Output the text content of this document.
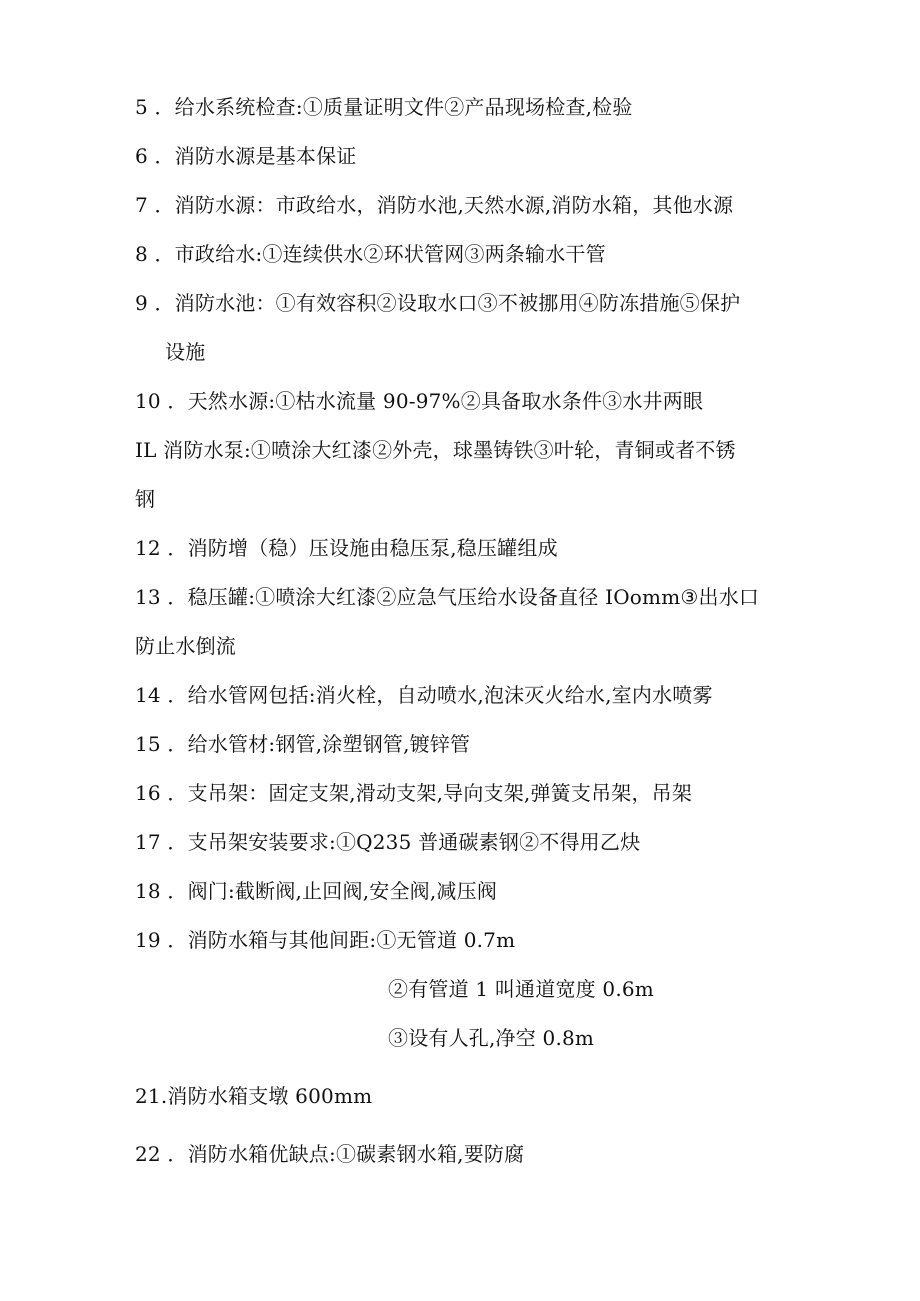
5 ．给水系统检查:①质量证明文件②产品现场检查,检验
6 ．消防水源是基本保证
7 ．消防水源：市政给水，消防水池,天然水源,消防水箱，其他水源
8 ．市政给水:①连续供水②环状管网③两条输水干管
9 ．消防水池：①有效容积②设取水口③不被挪用④防冻措施⑤保护
设施
10 ．天然水源:①枯水流量 90-97%②具备取水条件③水井两眼
IL 消防水泵:①喷涂大红漆②外壳，球墨铸铁③叶轮，青铜或者不锈
钢
12 ．消防增（稳）压设施由稳压泵,稳压罐组成
13 ．稳压罐:①喷涂大红漆②应急气压给水设备直径 IOomm③出水口
防止水倒流
14 ．给水管网包括:消火栓，自动喷水,泡沫灭火给水,室内水喷雾
15 ．给水管材:钢管,涂塑钢管,镀锌管
16 ．支吊架：固定支架,滑动支架,导向支架,弹簧支吊架，吊架
17 ．支吊架安装要求:①Q235 普通碳素钢②不得用乙炔
18 ．阀门:截断阀,止回阀,安全阀,减压阀
19 ．消防水箱与其他间距:①无管道 0.7m
②有管道 1 叫通道宽度 0.6m
③设有人孔,净空 0.8m
21.消防水箱支墩 600mm
22 ．消防水箱优缺点:①碳素钢水箱,要防腐
